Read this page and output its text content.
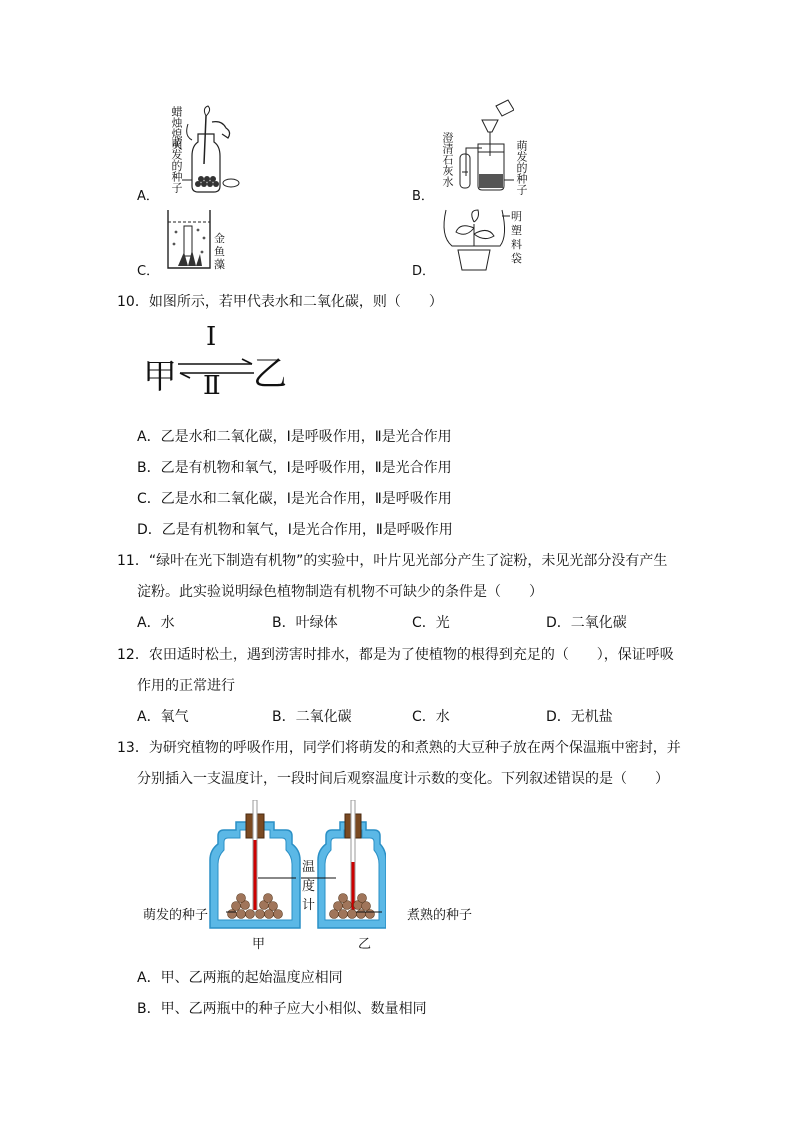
蜡烛熄灭
萌发的种子
A．
澄清石灰水	萌发的种子
B．
金鱼藻
C．
明塑料袋
D．
10．如图所示，若甲代表水和二氧化碳，则（　　）
甲 乙
Ⅰ
Ⅱ
A．乙是水和二氧化碳，Ⅰ是呼吸作用，Ⅱ是光合作用
B．乙是有机物和氧气，Ⅰ是呼吸作用，Ⅱ是光合作用
C．乙是水和二氧化碳，Ⅰ是光合作用，Ⅱ是呼吸作用
D．乙是有机物和氧气，Ⅰ是光合作用，Ⅱ是呼吸作用
11．“绿叶在光下制造有机物”的实验中，叶片见光部分产生了淀粉，未见光部分没有产生
淀粉。此实验说明绿色植物制造有机物不可缺少的条件是（　　）
A．水	B．叶绿体	C．光	D．二氧化碳
12．农田适时松土，遇到涝害时排水，都是为了使植物的根得到充足的（　　），保证呼吸
作用的正常进行
A．氧气	B．二氧化碳	C．水	D．无机盐
13．为研究植物的呼吸作用，同学们将萌发的和煮熟的大豆种子放在两个保温瓶中密封，并
分别插入一支温度计，一段时间后观察温度计示数的变化。下列叙述错误的是（　　）
萌发的种子	煮熟的种子
温度计
甲	乙
A．甲、乙两瓶的起始温度应相同
B．甲、乙两瓶中的种子应大小相似、数量相同
